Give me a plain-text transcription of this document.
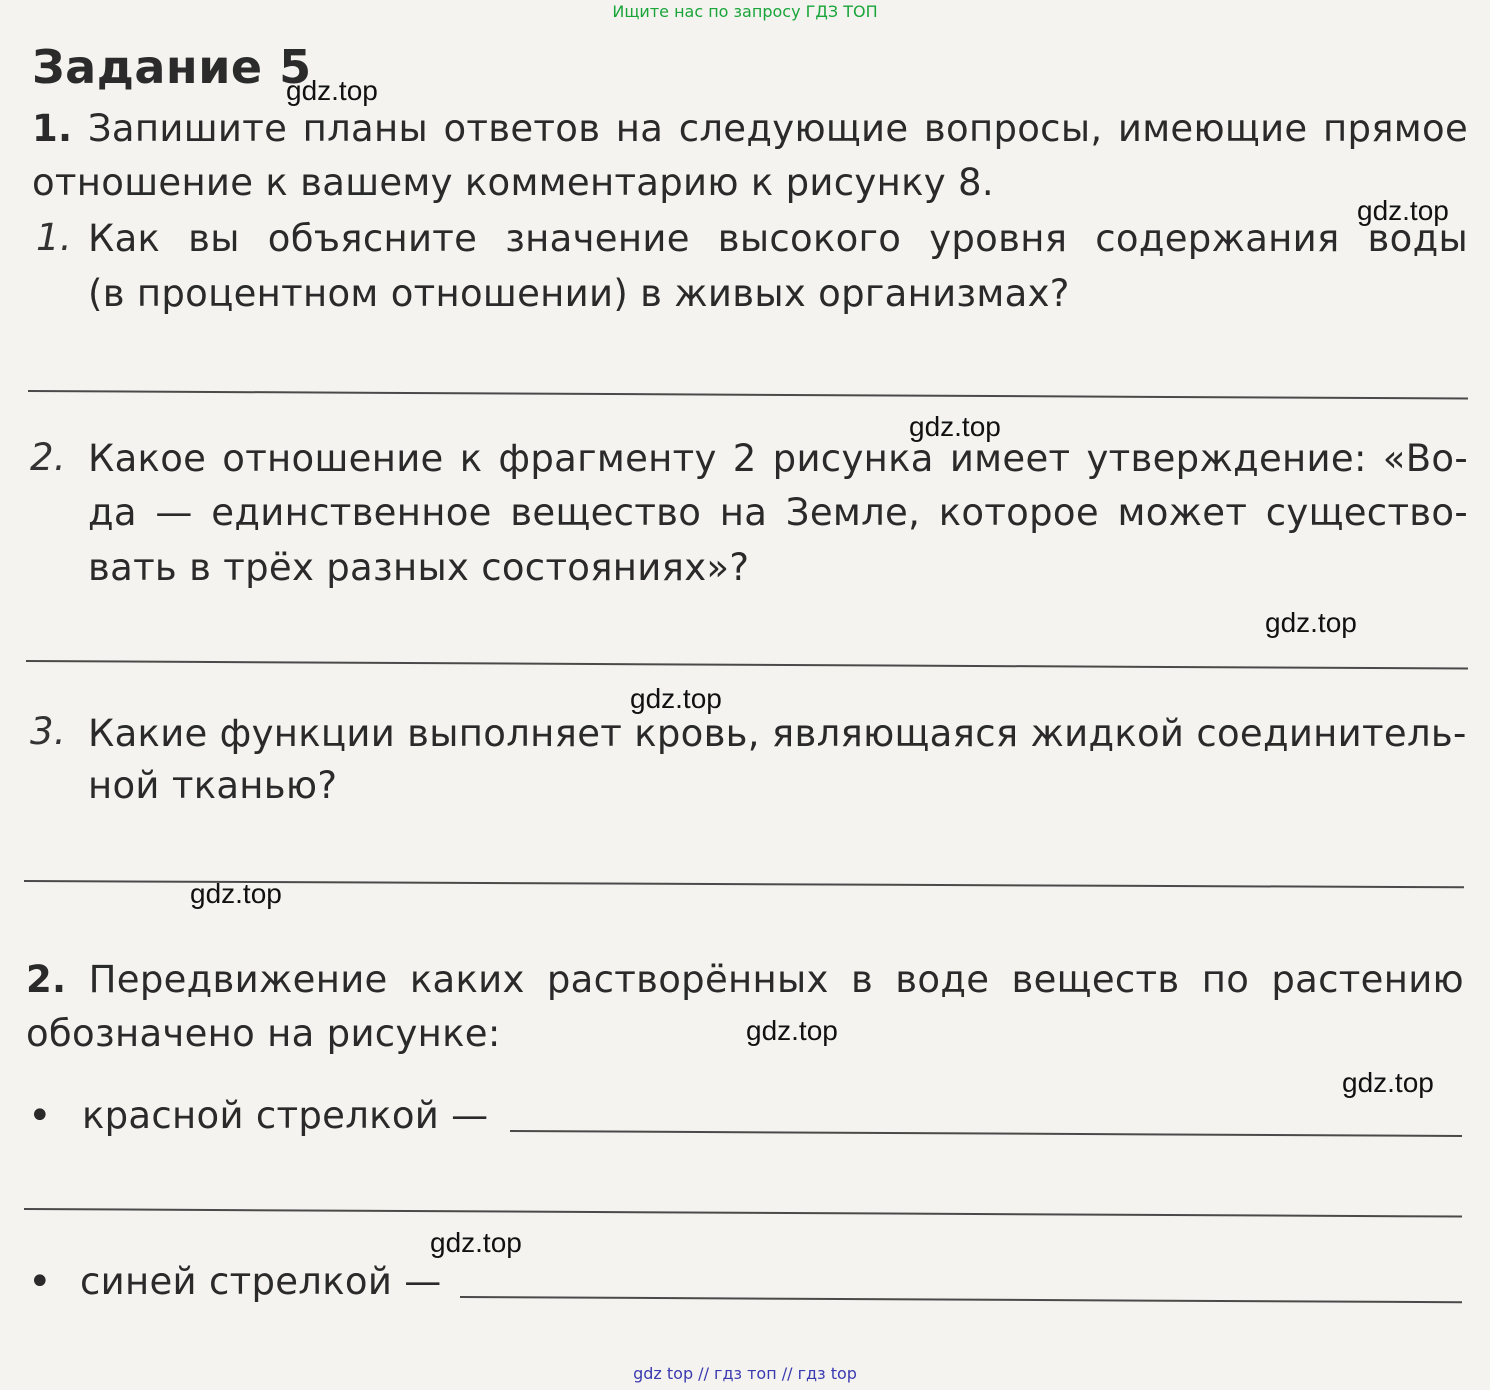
Ищите нас по запросу ГДЗ ТОП
Задание 5
gdz.top
gdz.top
gdz.top
gdz.top
gdz.top
gdz.top
gdz.top
gdz.top
gdz.top
1. Запишите планы ответов на следующие вопросы, имеющие прямое
отношение к вашему комментарию к рисунку 8.
1. Как вы объясните значение высокого уровня содержания воды
(в процентном отношении) в живых организмах?
2. Какое отношение к фрагменту 2 рисунка имеет утверждение: «Во-
да — единственное вещество на Земле, которое может существо-
вать в трёх разных состояниях»?
3. Какие функции выполняет кровь, являющаяся жидкой соединитель-
ной тканью?
2. Передвижение каких растворённых в воде веществ по растению
обозначено на рисунке:
• красной стрелкой —
• синей стрелкой —
gdz top // гдз топ // гдз top
